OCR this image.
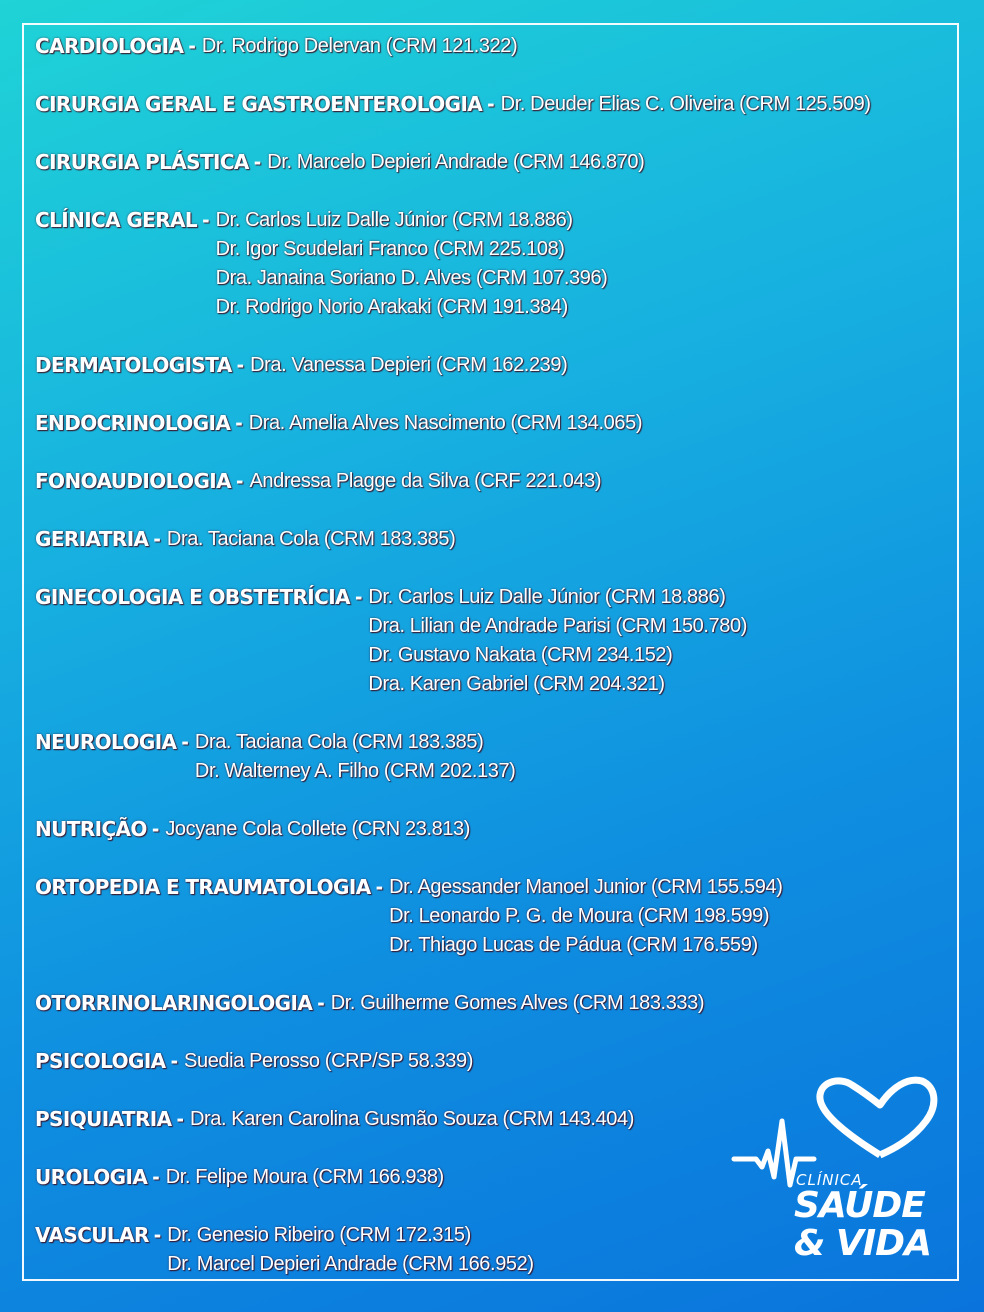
CARDIOLOGIA - Dr. Rodrigo Delervan (CRM 121.322)
CIRURGIA GERAL E GASTROENTEROLOGIA - Dr. Deuder Elias C. Oliveira (CRM 125.509)
CIRURGIA PLÁSTICA - Dr. Marcelo Depieri Andrade (CRM 146.870)
CLÍNICA GERAL - Dr. Carlos Luiz Dalle Júnior (CRM 18.886)
Dr. Igor Scudelari Franco (CRM 225.108)
Dra. Janaina Soriano D. Alves (CRM 107.396)
Dr. Rodrigo Norio Arakaki (CRM 191.384)
DERMATOLOGISTA - Dra. Vanessa Depieri (CRM 162.239)
ENDOCRINOLOGIA - Dra. Amelia Alves Nascimento (CRM 134.065)
FONOAUDIOLOGIA - Andressa Plagge da Silva (CRF 221.043)
GERIATRIA - Dra. Taciana Cola (CRM 183.385)
GINECOLOGIA E OBSTETRÍCIA - Dr. Carlos Luiz Dalle Júnior (CRM 18.886)
Dra. Lilian de Andrade Parisi (CRM 150.780)
Dr. Gustavo Nakata (CRM 234.152)
Dra. Karen Gabriel (CRM 204.321)
NEUROLOGIA - Dra. Taciana Cola (CRM 183.385)
Dr. Walterney A. Filho (CRM 202.137)
NUTRIÇÃO - Jocyane Cola Collete (CRN 23.813)
ORTOPEDIA E TRAUMATOLOGIA - Dr. Agessander Manoel Junior (CRM 155.594)
Dr. Leonardo P. G. de Moura (CRM 198.599)
Dr. Thiago Lucas de Pádua (CRM 176.559)
OTORRINOLARINGOLOGIA - Dr. Guilherme Gomes Alves (CRM 183.333)
PSICOLOGIA - Suedia Perosso (CRP/SP 58.339)
PSIQUIATRIA - Dra. Karen Carolina Gusmão Souza (CRM 143.404)
UROLOGIA - Dr. Felipe Moura (CRM 166.938)
VASCULAR - Dr. Genesio Ribeiro (CRM 172.315)
Dr. Marcel Depieri Andrade (CRM 166.952)
CLÍNICA
SAÚDE
& VIDA
